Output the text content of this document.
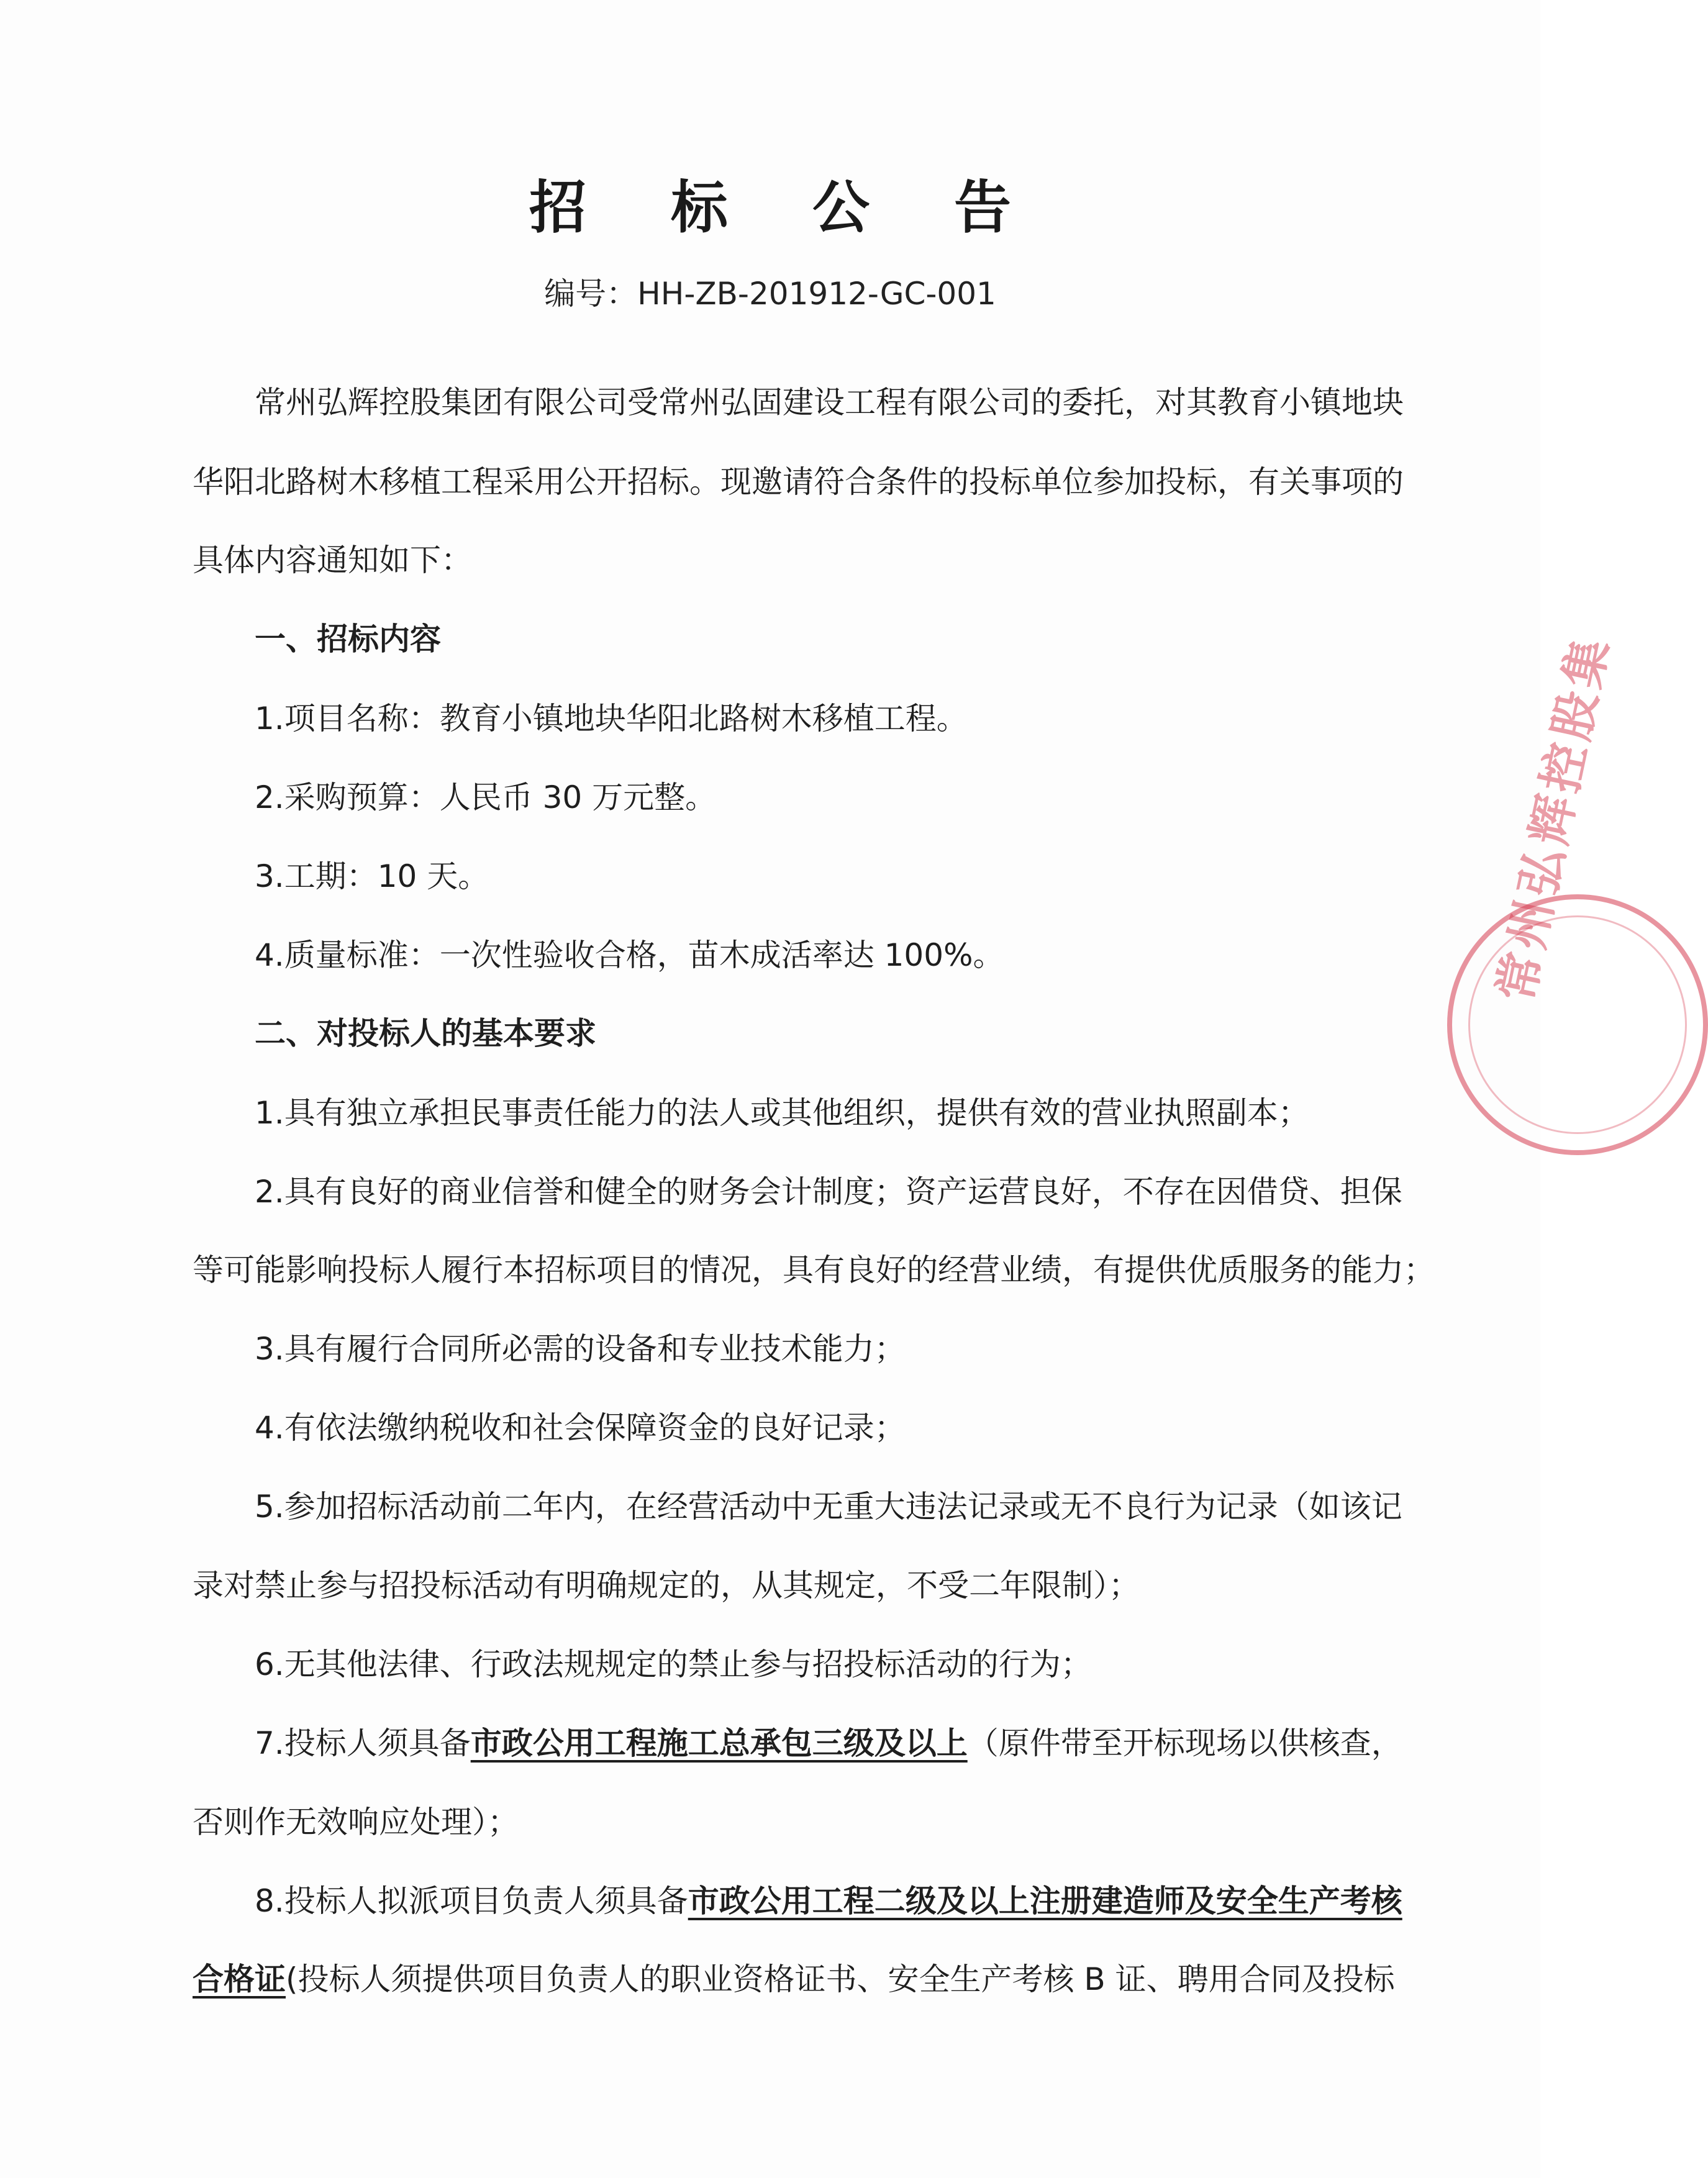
招 标 公 告
编号：HH-ZB-201912-GC-001
常州弘辉控股集团有限公司受常州弘固建设工程有限公司的委托，对其教育小镇地块
华阳北路树木移植工程采用公开招标。现邀请符合条件的投标单位参加投标，有关事项的
具体内容通知如下：
一、招标内容
1.项目名称：教育小镇地块华阳北路树木移植工程。
2.采购预算：人民币 30 万元整。
3.工期：10 天。
4.质量标准：一次性验收合格，苗木成活率达 100%。
二、对投标人的基本要求
1.具有独立承担民事责任能力的法人或其他组织，提供有效的营业执照副本；
2.具有良好的商业信誉和健全的财务会计制度；资产运营良好，不存在因借贷、担保
等可能影响投标人履行本招标项目的情况，具有良好的经营业绩，有提供优质服务的能力；
3.具有履行合同所必需的设备和专业技术能力；
4.有依法缴纳税收和社会保障资金的良好记录；
5.参加招标活动前二年内，在经营活动中无重大违法记录或无不良行为记录（如该记
录对禁止参与招投标活动有明确规定的，从其规定，不受二年限制）；
6.无其他法律、行政法规规定的禁止参与招投标活动的行为；
7.投标人须具备市政公用工程施工总承包三级及以上（原件带至开标现场以供核查，
否则作无效响应处理）；
8.投标人拟派项目负责人须具备市政公用工程二级及以上注册建造师及安全生产考核
合格证(投标人须提供项目负责人的职业资格证书、安全生产考核 B 证、聘用合同及投标
常州弘辉控股集
